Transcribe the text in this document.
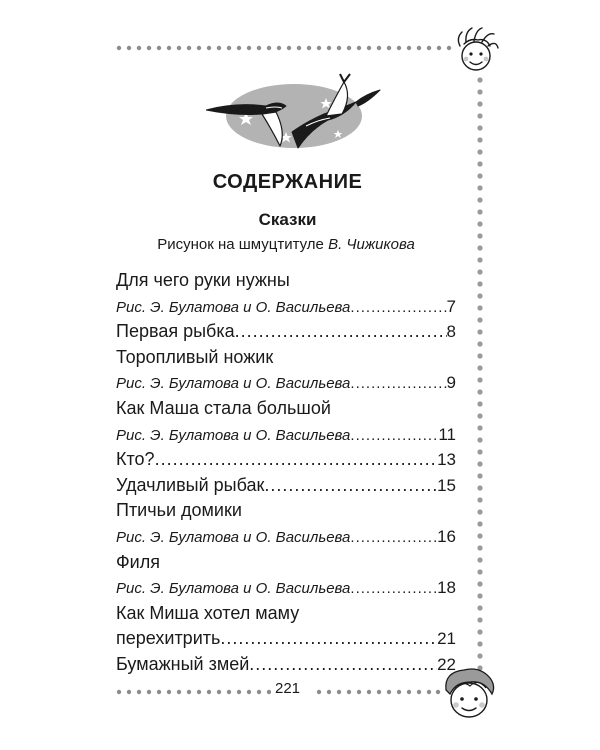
СОДЕРЖАНИЕ
Сказки
Рисунок на шмуцтитуле В. Чижикова
Для чего руки нужны
Рис. Э. Булатова и О. Васильева .....	7
Первая рыбка .....	8
Торопливый ножик
Рис. Э. Булатова и О. Васильева .....	9
Как Маша стала большой
Рис. Э. Булатова и О. Васильева .....	11
Кто? .....	13
Удачливый рыбак .....	15
Птичьи домики
Рис. Э. Булатова и О. Васильева .....	16
Филя
Рис. Э. Булатова и О. Васильева .....	18
Как Миша хотел маму
перехитрить .....	21
Бумажный змей .....	22
221
